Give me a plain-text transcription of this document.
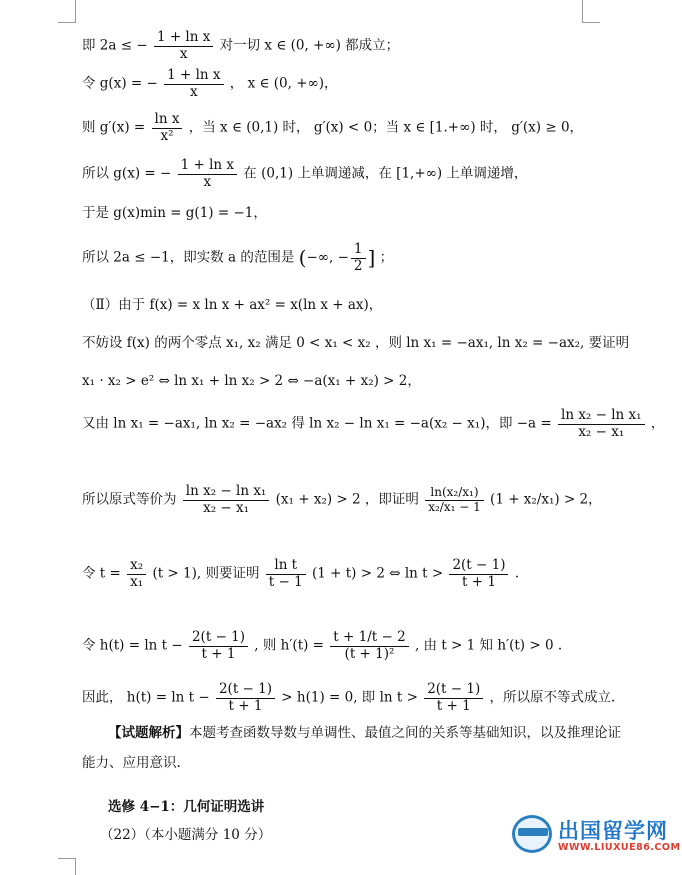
即 2a ≤ − $\frac{\text{1 + ln x}}{x}$ 对一切 x ∈ (0, +∞) 都成立；
令 g(x) = − $\frac{\text{1 + ln x}}{x}$ ， x ∈ (0, +∞)，
则 $g'(x) = \frac{\text{ln x}}{\text{x²}}$ ，当 x ∈ (0,1) 时， g′(x) < 0；当 x ∈ [1.+∞) 时， g′(x) ≥ 0，
所以 g(x) = − $\frac{\text{1 + ln x}}{x}$ 在 (0,1) 上单调递减，在 [1,+∞) 上单调递增，
于是 g(x)min = g(1) = −1，
所以 2a ≤ −1，即实数 a 的范围是 (−∞, − $\frac{1}{2}$ ] ；
（Ⅱ）由于 f(x) = x ln x + ax² = x(ln x + ax)，
不妨设 f(x) 的两个零点 x₁, x₂ 满足 0 < x₁ < x₂ ，则 ln x₁ = −ax₁, ln x₂ = −ax₂, 要证明
x₁ · x₂ > e² ⇔ ln x₁ + ln x₂ > 2 ⇔ −a(x₁ + x₂) > 2，
又由 ln x₁ = −ax₁, ln x₂ = −ax₂ 得 ln x₂ − ln x₁ = −a(x₂ − x₁)，即 $-a = \frac{\text{ln x₂ − ln x₁}}{\text{x₂ − x₁}}$ ，
所以原式等价为 $\frac{\text{ln x₂ − ln x₁}}{\text{x₂ − x₁}} (x_1 + x_2) > 2$ ，即证明 $\frac{\text{ln(x₂/x₁)}}{\text{x₂/x₁ − 1}} (1 + x_2/x_1) > 2$，
令 $t = \frac{\text{x₂}}{\text{x₁}} (t > 1)$, 则要证明 $\frac{\text{ln t}}{t - 1} (1 + t) > 2$ ⇔ $\ln t > \frac{2(t - 1)}{t + 1}$ .
令 $h(t) = \ln t - \frac{2(t - 1)}{t + 1}$ , 则 $h'(t) = \frac{t + 1/t - 2}{\text{(t + 1)²}}$ , 由 t > 1 知 h′(t) > 0 .
因此， $h(t) = \ln t - \frac{2(t - 1)}{t + 1} > h(1) = 0$, 即 $\ln t > \frac{2(t - 1)}{t + 1}$ ，所以原不等式成立.
【试题解析】本题考查函数导数与单调性、最值之间的关系等基础知识，以及推理论证
能力、应用意识.
选修 4−1：几何证明选讲
（22）（本小题满分 10 分）	出国留学网
WWW.LIUXUE86.COM
